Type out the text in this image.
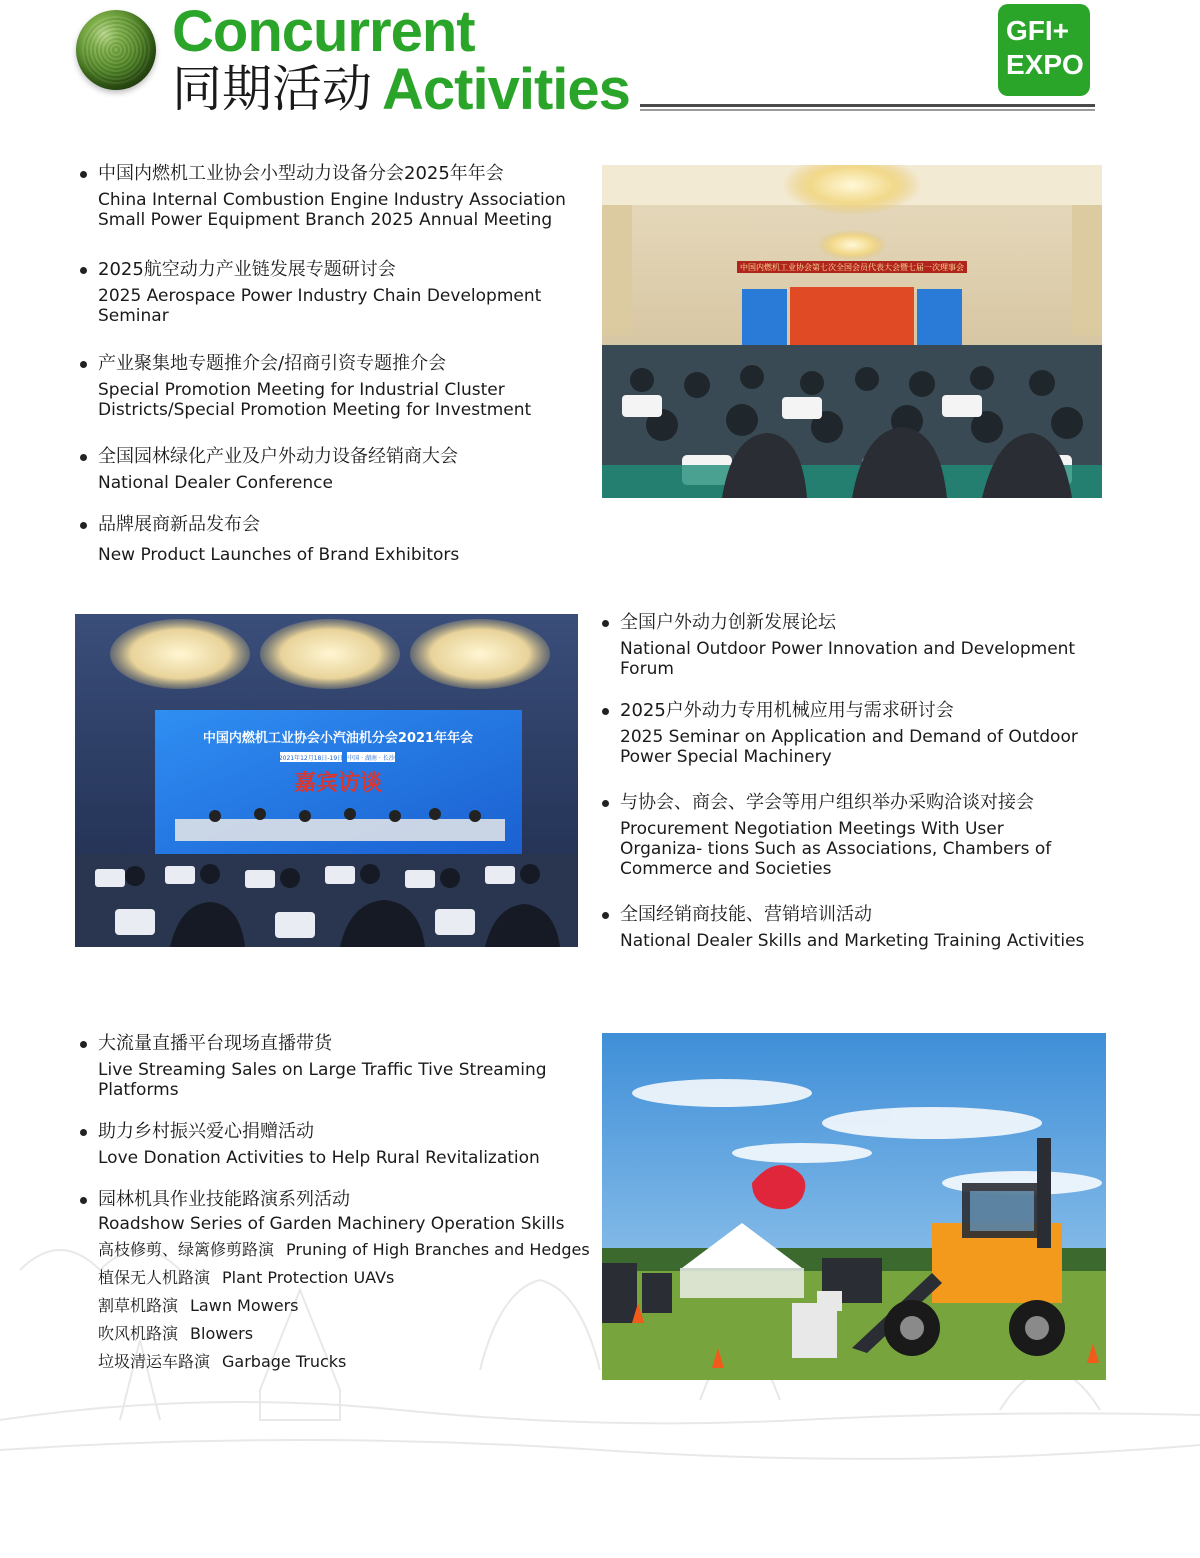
Concurrent
同期活动 Activities
GFI+
EXPO
中国内燃机工业协会小型动力设备分会2025年年会
China Internal Combustion Engine Industry Association Small Power Equipment Branch 2025 Annual Meeting
2025航空动力产业链发展专题研讨会
2025 Aerospace Power Industry Chain Development Seminar
产业聚集地专题推介会/招商引资专题推介会
Special Promotion Meeting for Industrial Cluster Districts/Special Promotion Meeting for Investment
全国园林绿化产业及户外动力设备经销商大会
National Dealer Conference
品牌展商新品发布会
New Product Launches of Brand Exhibitors
中国内燃机工业协会第七次全国会员代表大会暨七届一次理事会
中国内燃机工业协会小汽油机分会2021年年会
2021年12月18日-19日 中国 · 湖南 · 长沙
嘉宾访谈
全国户外动力创新发展论坛
National Outdoor Power Innovation and Development Forum
2025户外动力专用机械应用与需求研讨会
2025 Seminar on Application and Demand of Outdoor Power Special Machinery
与协会、商会、学会等用户组织举办采购洽谈对接会
Procurement Negotiation Meetings With User Organiza- tions Such as Associations, Chambers of Commerce and Societies
全国经销商技能、营销培训活动
National Dealer Skills and Marketing Training Activities
大流量直播平台现场直播带货
Live Streaming Sales on Large Traffic Tive Streaming Platforms
助力乡村振兴爱心捐赠活动
Love Donation Activities to Help Rural Revitalization
园林机具作业技能路演系列活动
Roadshow Series of Garden Machinery Operation Skills
高枝修剪、绿篱修剪路演 Pruning of High Branches and Hedges
植保无人机路演 Plant Protection UAVs
割草机路演 Lawn Mowers
吹风机路演 Blowers
垃圾清运车路演 Garbage Trucks
